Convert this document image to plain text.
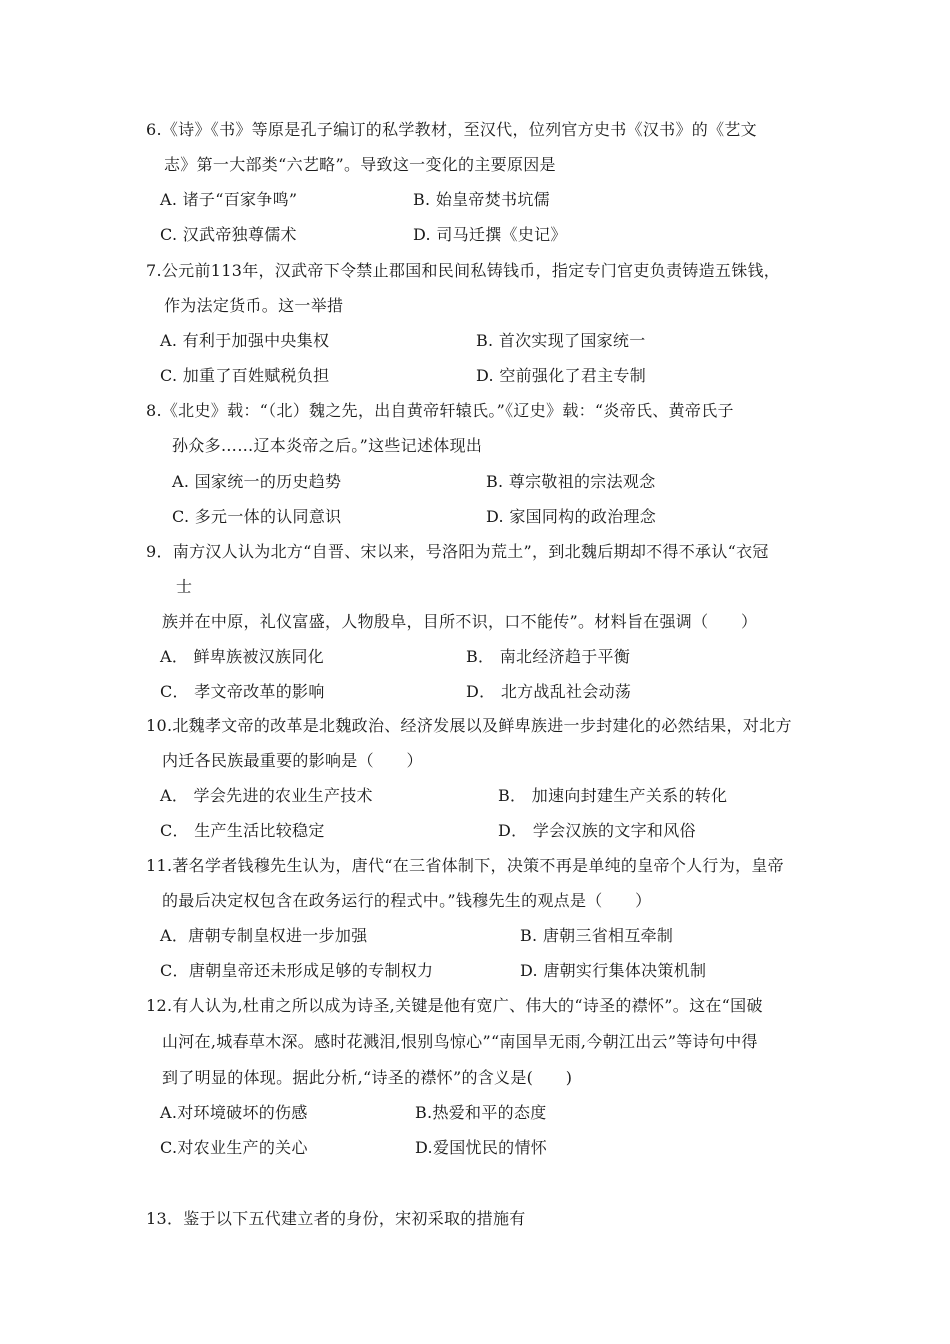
6.《诗》《书》等原是孔子编订的私学教材，至汉代，位列官方史书《汉书》的《艺文
志》第一大部类“六艺略”。导致这一变化的主要原因是
A. 诸子“百家争鸣”	B. 始皇帝焚书坑儒
C. 汉武帝独尊儒术	D. 司马迁撰《史记》
7.公元前113年，汉武帝下令禁止郡国和民间私铸钱币，指定专门官吏负责铸造五铢钱，
作为法定货币。这一举措
A. 有利于加强中央集权	B. 首次实现了国家统一
C. 加重了百姓赋税负担	D. 空前强化了君主专制
8.《北史》载：“（北）魏之先，出自黄帝轩辕氏。”《辽史》载：“炎帝氏、黄帝氏子
孙众多……辽本炎帝之后。”这些记述体现出
A. 国家统一的历史趋势	B. 尊宗敬祖的宗法观念
C. 多元一体的认同意识	D. 家国同构的政治理念
9．南方汉人认为北方“自晋、宋以来，号洛阳为荒土”，到北魏后期却不得不承认“衣冠
士
族并在中原，礼仪富盛，人物殷阜，目所不识，口不能传”。材料旨在强调（　　）
A． 鲜卑族被汉族同化	B． 南北经济趋于平衡
C． 孝文帝改革的影响	D． 北方战乱社会动荡
10.北魏孝文帝的改革是北魏政治、经济发展以及鲜卑族进一步封建化的必然结果，对北方
内迁各民族最重要的影响是（　　）
A． 学会先进的农业生产技术	B． 加速向封建生产关系的转化
C． 生产生活比较稳定	D． 学会汉族的文字和风俗
11.著名学者钱穆先生认为，唐代“在三省体制下，决策不再是单纯的皇帝个人行为，皇帝
的最后决定权包含在政务运行的程式中。”钱穆先生的观点是（　　）
A．唐朝专制皇权进一步加强	B. 唐朝三省相互牵制
C．唐朝皇帝还未形成足够的专制权力	D. 唐朝实行集体决策机制
12.有人认为,杜甫之所以成为诗圣,关键是他有宽广、伟大的“诗圣的襟怀”。这在“国破
山河在,城春草木深。感时花溅泪,恨别鸟惊心”“南国旱无雨,今朝江出云”等诗句中得
到了明显的体现。据此分析,“诗圣的襟怀”的含义是(　　)
A.对环境破坏的伤感	B.热爱和平的态度
C.对农业生产的关心	D.爱国忧民的情怀
13．鉴于以下五代建立者的身份，宋初采取的措施有
